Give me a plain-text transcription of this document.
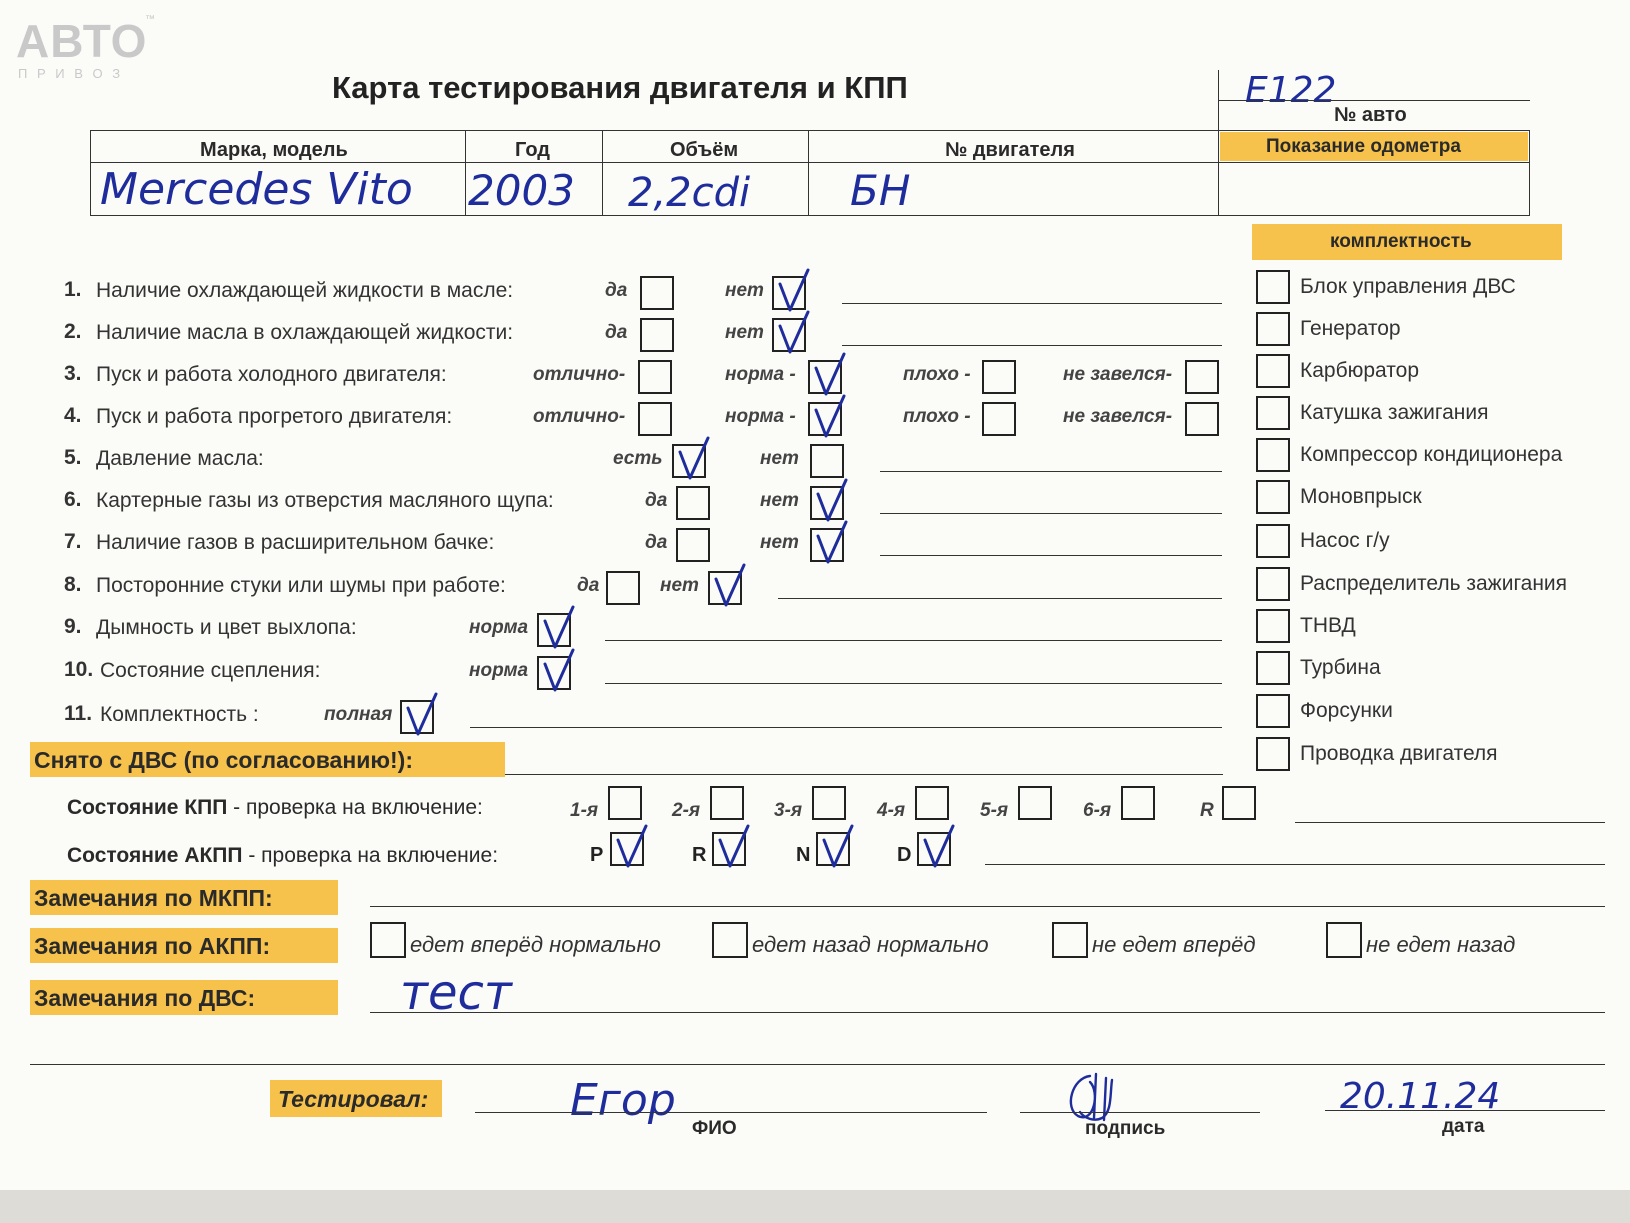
АВТО
™
П Р И В О З	Карта тестирования двигателя и КПП	E122
№ авто
Показание одометра
Марка, модель	Год	Объём	№ двигателя
Mercedes Vito 2003 2,2cdi БН
комплектность
Снято с ДВС (по согласованию!):
Состояние КПП - проверка на включение:
Состояние АКПП - проверка на включение:
Замечания по МКПП:
Замечания по АКПП:
Замечания по ДВС:	тест
Тестировал:	Егор
ФИО	подпись
20.11.24
дата
Блок управления ДВС
Генератор
Карбюратор
Катушка зажигания
Компрессор кондиционера
Моновпрыск
Насос г/у
Распределитель зажигания
ТНВД
Турбина
Форсунки
Проводка двигателя
1. Наличие охлаждающей жидкости в масле:	да	нет
2. Наличие масла в охлаждающей жидкости:	да	нет
3. Пуск и работа холодного двигателя:	отлично-	норма -	плохо -	не завелся-
4. Пуск и работа прогретого двигателя:	отлично-	норма -	плохо -	не завелся-
5. Давление масла:	есть	нет
6. Картерные газы из отверстия масляного щупа:	да	нет
7. Наличие газов в расширительном бачке:	да	нет
8. Посторонние стуки или шумы при работе:	да	нет
9. Дымность и цвет выхлопа:	норма
10. Состояние сцепления:	норма
11. Комплектность :	полная
1-я	2-я	3-я	4-я	5-я	6-я	R
P	R	N	D
едет вперёд нормально	едет назад нормально	не едет вперёд	не едет назад
